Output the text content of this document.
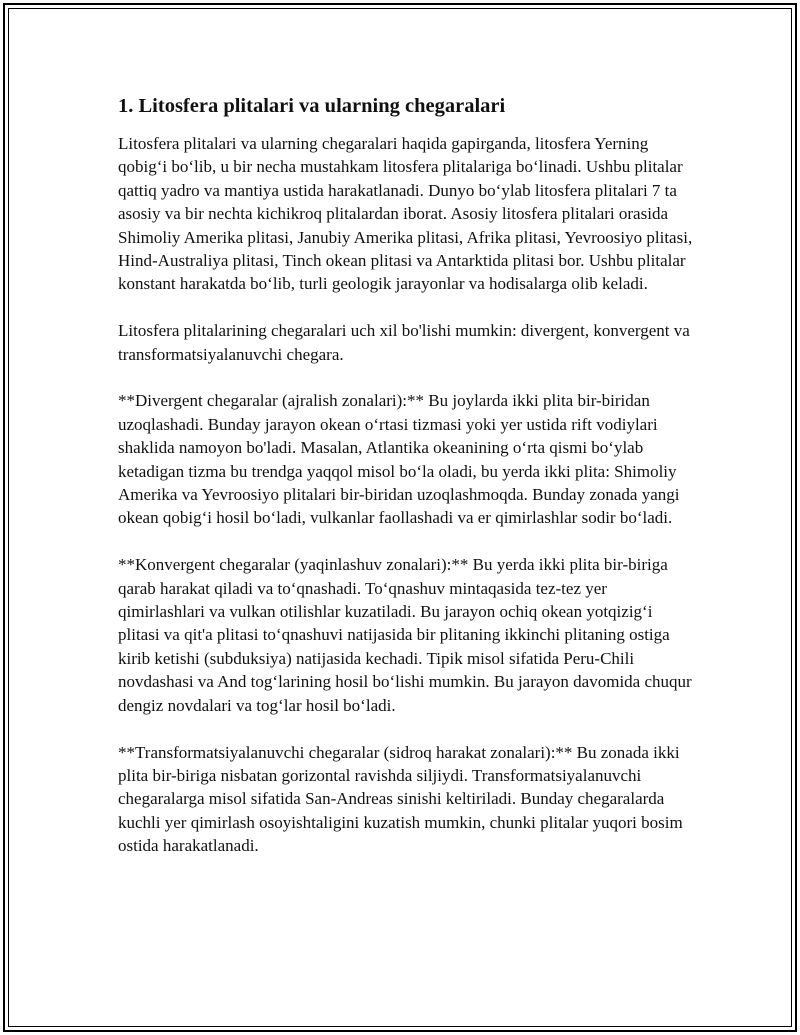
1. Litosfera plitalari va ularning chegaralari

Litosfera plitalari va ularning chegaralari haqida gapirganda, litosfera Yerning qobig‘i bo‘lib, u bir necha mustahkam litosfera plitalariga bo‘linadi. Ushbu plitalar qattiq yadro va mantiya ustida harakatlanadi. Dunyo bo‘ylab litosfera plitalari 7 ta asosiy va bir nechta kichikroq plitalardan iborat. Asosiy litosfera plitalari orasida Shimoliy Amerika plitasi, Janubiy Amerika plitasi, Afrika plitasi, Yevroosiyo plitasi, Hind-Australiya plitasi, Tinch okean plitasi va Antarktida plitasi bor. Ushbu plitalar konstant harakatda bo‘lib, turli geologik jarayonlar va hodisalarga olib keladi.

Litosfera plitalarining chegaralari uch xil bo'lishi mumkin: divergent, konvergent va transformatsiyalanuvchi chegara.

**Divergent chegaralar (ajralish zonalari):** Bu joylarda ikki plita bir-biridan uzoqlashadi. Bunday jarayon okean o‘rtasi tizmasi yoki yer ustida rift vodiylari shaklida namoyon bo'ladi. Masalan, Atlantika okeanining o‘rta qismi bo‘ylab ketadigan tizma bu trendga yaqqol misol bo‘la oladi, bu yerda ikki plita: Shimoliy Amerika va Yevroosiyo plitalari bir-biridan uzoqlashmoqda. Bunday zonada yangi okean qobig‘i hosil bo‘ladi, vulkanlar faollashadi va er qimirlashlar sodir bo‘ladi.

**Konvergent chegaralar (yaqinlashuv zonalari):** Bu yerda ikki plita bir-biriga qarab harakat qiladi va to‘qnashadi. To‘qnashuv mintaqasida tez-tez yer qimirlashlari va vulkan otilishlar kuzatiladi. Bu jarayon ochiq okean yotqizig‘i plitasi va qit'a plitasi to‘qnashuvi natijasida bir plitaning ikkinchi plitaning ostiga kirib ketishi (subduksiya) natijasida kechadi. Tipik misol sifatida Peru-Chili novdashasi va And tog‘larining hosil bo‘lishi mumkin. Bu jarayon davomida chuqur dengiz novdalari va tog‘lar hosil bo‘ladi.

**Transformatsiyalanuvchi chegaralar (sidroq harakat zonalari):** Bu zonada ikki plita bir-biriga nisbatan gorizontal ravishda siljiydi. Transformatsiyalanuvchi chegaralarga misol sifatida San-Andreas sinishi keltiriladi. Bunday chegaralarda kuchli yer qimirlash osoyishtaligini kuzatish mumkin, chunki plitalar yuqori bosim ostida harakatlanadi.
